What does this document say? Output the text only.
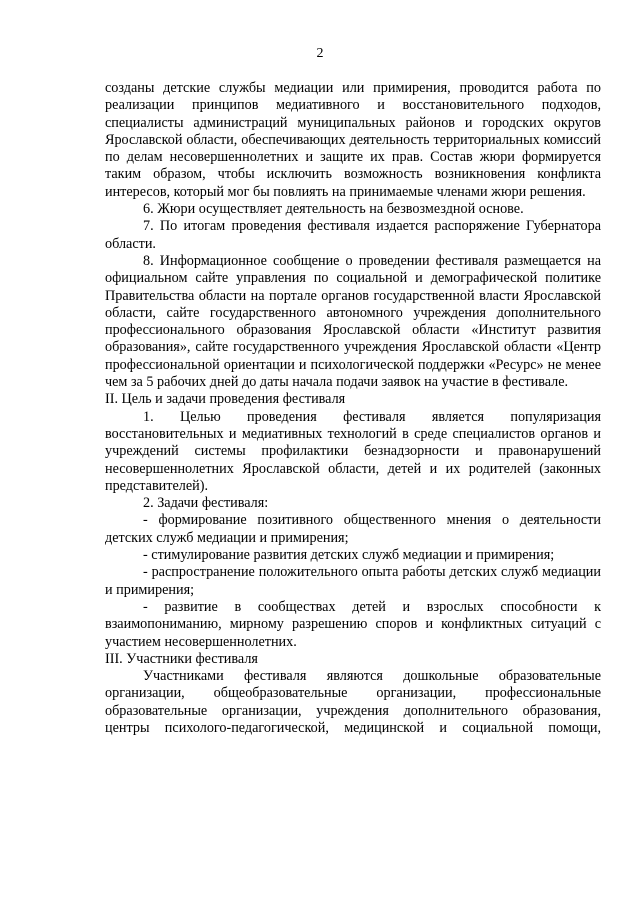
2

созданы детские службы медиации или примирения, проводится работа по реализации принципов медиативного и восстановительного подходов, специалисты администраций муниципальных районов и городских округов Ярославской области, обеспечивающих деятельность территориальных комиссий по делам несовершеннолетних и защите их прав. Состав жюри формируется таким образом, чтобы исключить возможность возникновения конфликта интересов, который мог бы повлиять на принимаемые членами жюри решения.

6. Жюри осуществляет деятельность на безвозмездной основе.

7. По итогам проведения фестиваля издается распоряжение Губернатора области.

8. Информационное сообщение о проведении фестиваля размещается на официальном сайте управления по социальной и демографической политике Правительства области на портале органов государственной власти Ярославской области, сайте государственного автономного учреждения дополнительного профессионального образования Ярославской области «Институт развития образования», сайте государственного учреждения Ярославской области «Центр профессиональной ориентации и психологической поддержки «Ресурс» не менее чем за 5 рабочих дней до даты начала подачи заявок на участие в фестивале.

II. Цель и задачи проведения фестиваля

1. Целью проведения фестиваля является популяризация восстановительных и медиативных технологий в среде специалистов органов и учреждений системы профилактики безнадзорности и правонарушений несовершеннолетних Ярославской области, детей и их родителей (законных представителей).

2. Задачи фестиваля:

- формирование позитивного общественного мнения о деятельности детских служб медиации и примирения;

- стимулирование развития детских служб медиации и примирения;

- распространение положительного опыта работы детских служб медиации и примирения;

- развитие в сообществах детей и взрослых способности к взаимопониманию, мирному разрешению споров и конфликтных ситуаций с участием несовершеннолетних.

III. Участники фестиваля

Участниками фестиваля являются дошкольные образовательные организации, общеобразовательные организации, профессиональные образовательные организации, учреждения дополнительного образования, центры психолого-педагогической, медицинской и социальной помощи,
